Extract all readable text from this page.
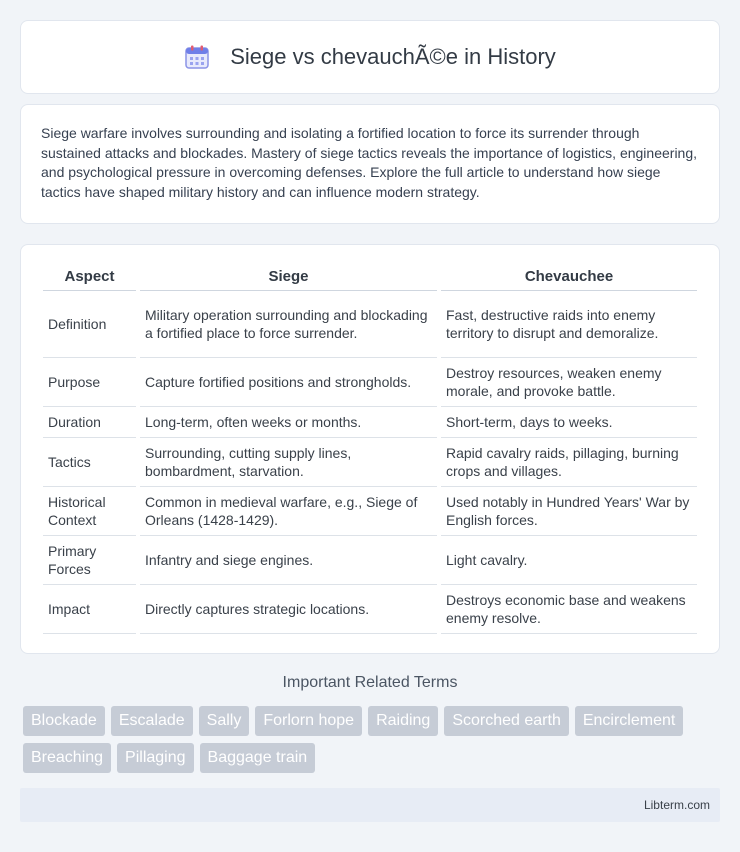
Siege vs chevauchÃ©e in History

Siege warfare involves surrounding and isolating a fortified location to force its surrender through sustained attacks and blockades. Mastery of siege tactics reveals the importance of logistics, engineering, and psychological pressure in overcoming defenses. Explore the full article to understand how siege tactics have shaped military history and can influence modern strategy.

Aspect	Siege	Chevauchee
Definition	Military operation surrounding and blockading a fortified place to force surrender.	Fast, destructive raids into enemy territory to disrupt and demoralize.
Purpose	Capture fortified positions and strongholds.	Destroy resources, weaken enemy morale, and provoke battle.
Duration	Long-term, often weeks or months.	Short-term, days to weeks.
Tactics	Surrounding, cutting supply lines, bombardment, starvation.	Rapid cavalry raids, pillaging, burning crops and villages.
Historical Context	Common in medieval warfare, e.g., Siege of Orleans (1428-1429).	Used notably in Hundred Years' War by English forces.
Primary Forces	Infantry and siege engines.	Light cavalry.
Impact	Directly captures strategic locations.	Destroys economic base and weakens enemy resolve.
Important Related Terms
Blockade	Escalade	Sally	Forlorn hope	Raiding	Scorched earth	Encirclement
Breaching	Pillaging	Baggage train
Libterm.com
